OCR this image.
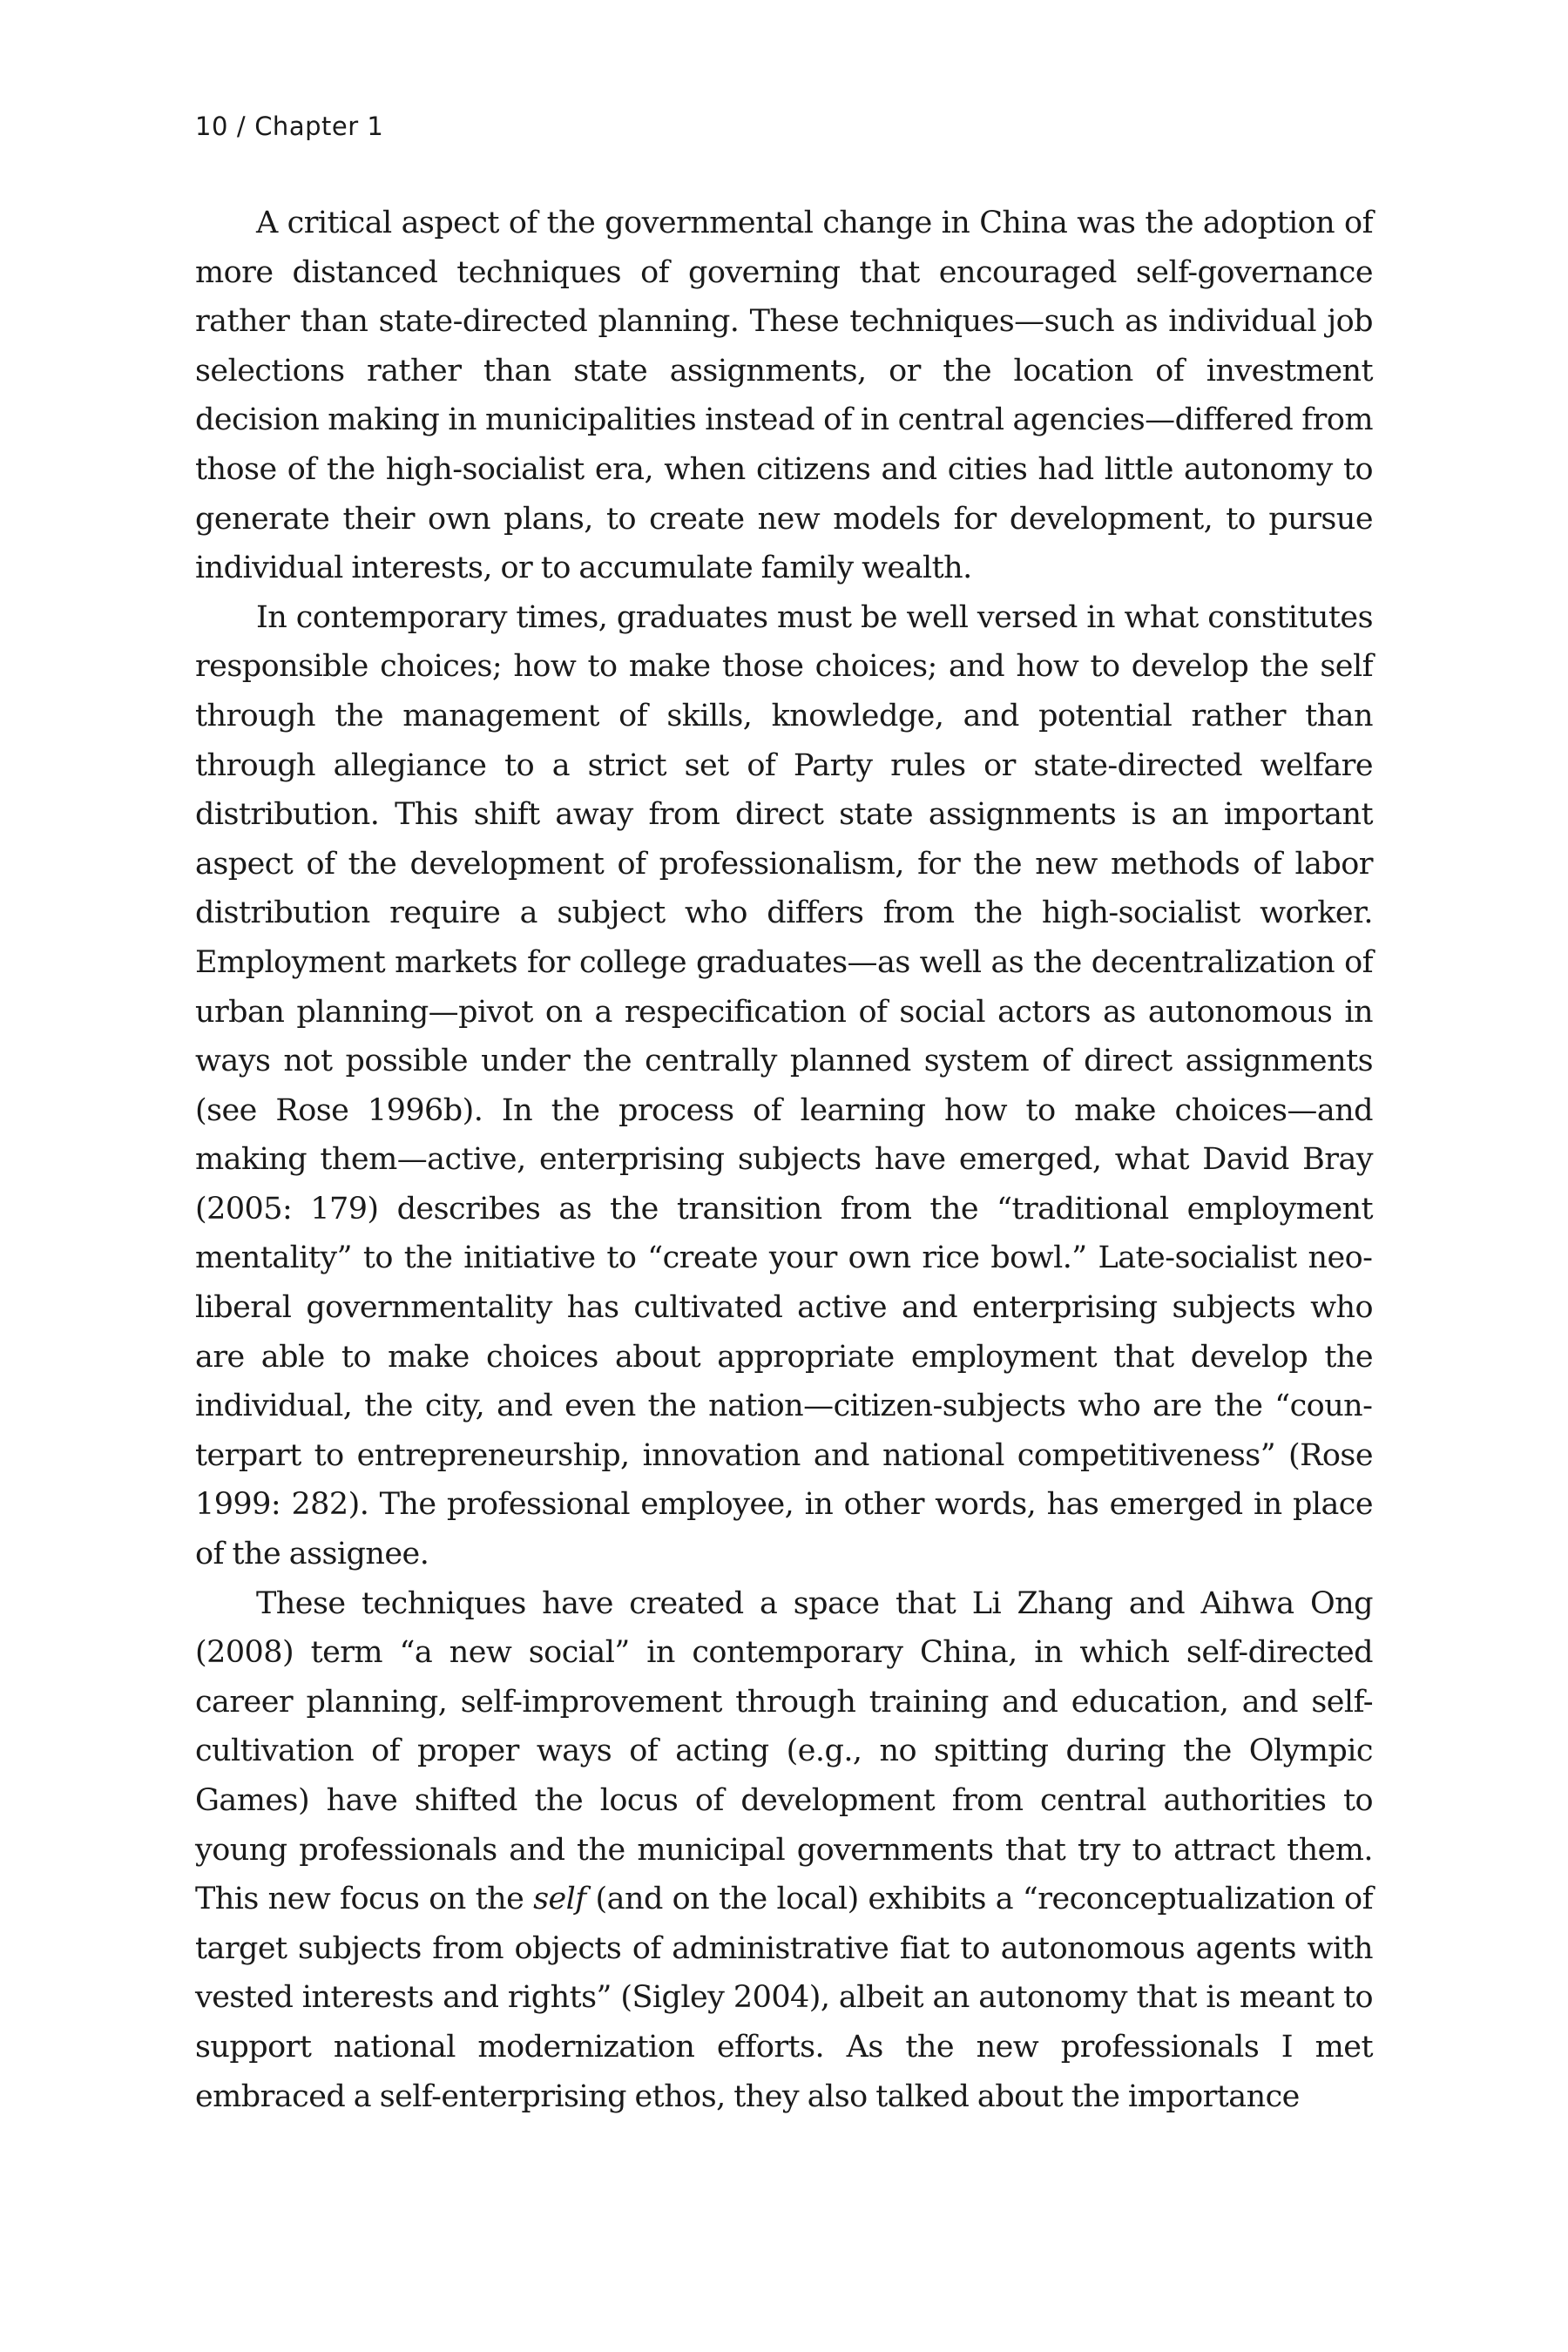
10 / Chapter 1

A critical aspect of the governmental change in China was the adoption of more distanced techniques of governing that encouraged self-governance rather than state-directed planning. These techniques—such as individual job selections rather than state assignments, or the location of investment decision making in municipalities instead of in central agencies—differed from those of the high-socialist era, when citizens and cities had little autonomy to generate their own plans, to create new models for development, to pursue individual interests, or to accumulate family wealth.

In contemporary times, graduates must be well versed in what constitutes responsible choices; how to make those choices; and how to develop the self through the management of skills, knowledge, and potential rather than through allegiance to a strict set of Party rules or state-directed welfare distribution. This shift away from direct state assignments is an important aspect of the development of professionalism, for the new methods of labor distribution require a subject who differs from the high-socialist worker. Employment markets for college graduates—as well as the decentralization of urban planning—pivot on a respecification of social actors as autonomous in ways not possible under the centrally planned system of direct assignments (see Rose 1996b). In the process of learning how to make choices—and making them—active, enterprising subjects have emerged, what David Bray (2005: 179) describes as the transition from the “traditional employment mentality” to the initiative to “create your own rice bowl.” Late-socialist neoliberal governmentality has cultivated active and enterprising subjects who are able to make choices about appropriate employment that develop the individual, the city, and even the nation—citizen-subjects who are the “counterpart to entrepreneurship, innovation and national competitiveness” (Rose 1999: 282). The professional employee, in other words, has emerged in place of the assignee.

These techniques have created a space that Li Zhang and Aihwa Ong (2008) term “a new social” in contemporary China, in which self-directed career planning, self-improvement through training and education, and self-cultivation of proper ways of acting (e.g., no spitting during the Olympic Games) have shifted the locus of development from central authorities to young professionals and the municipal governments that try to attract them. This new focus on the self (and on the local) exhibits a “reconceptualization of target subjects from objects of administrative fiat to autonomous agents with vested interests and rights” (Sigley 2004), albeit an autonomy that is meant to support national modernization efforts. As the new professionals I met embraced a self-enterprising ethos, they also talked about the importance
